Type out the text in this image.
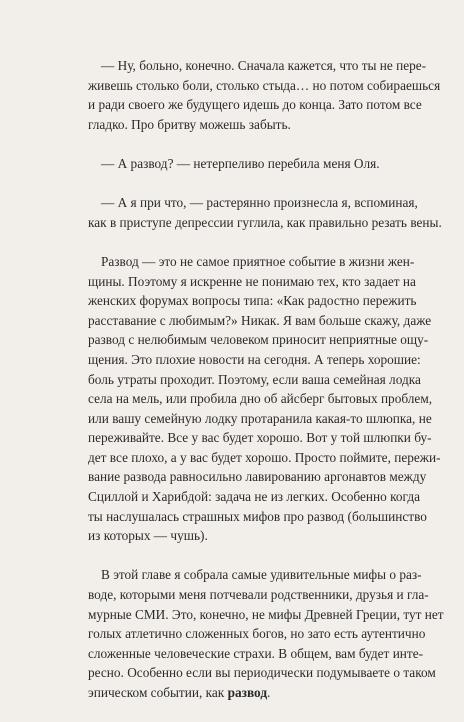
— Ну, больно, конечно. Сначала кажется, что ты не пере-
живешь столько боли, столько стыда… но потом собираешься
и ради своего же будущего идешь до конца. Зато потом все
гладко. Про бритву можешь забыть.
— А развод? — нетерпеливо перебила меня Оля.
— А я при что, — растерянно произнесла я, вспоминая,
как в приступе депрессии гуглила, как правильно резать вены.
Развод — это не самое приятное событие в жизни жен-
щины. Поэтому я искренне не понимаю тех, кто задает на
женских форумах вопросы типа: «Как радостно пережить
расставание с любимым?» Никак. Я вам больше скажу, даже
развод с нелюбимым человеком приносит неприятные ощу-
щения. Это плохие новости на сегодня. А теперь хорошие:
боль утраты проходит. Поэтому, если ваша семейная лодка
села на мель, или пробила дно об айсберг бытовых проблем,
или вашу семейную лодку протаранила какая-то шлюпка, не
переживайте. Все у вас будет хорошо. Вот у той шлюпки бу-
дет все плохо, а у вас будет хорошо. Просто поймите, пережи-
вание развода равносильно лавированию аргонавтов между
Сциллой и Харибдой: задача не из легких. Особенно когда
ты наслушалась страшных мифов про развод (большинство
из которых — чушь).
В этой главе я собрала самые удивительные мифы о раз-
воде, которыми меня потчевали родственники, друзья и гла-
мурные СМИ. Это, конечно, не мифы Древней Греции, тут нет
голых атлетично сложенных богов, но зато есть аутентично
сложенные человеческие страхи. В общем, вам будет инте-
ресно. Особенно если вы периодически подумываете о таком
эпическом событии, как развод.
